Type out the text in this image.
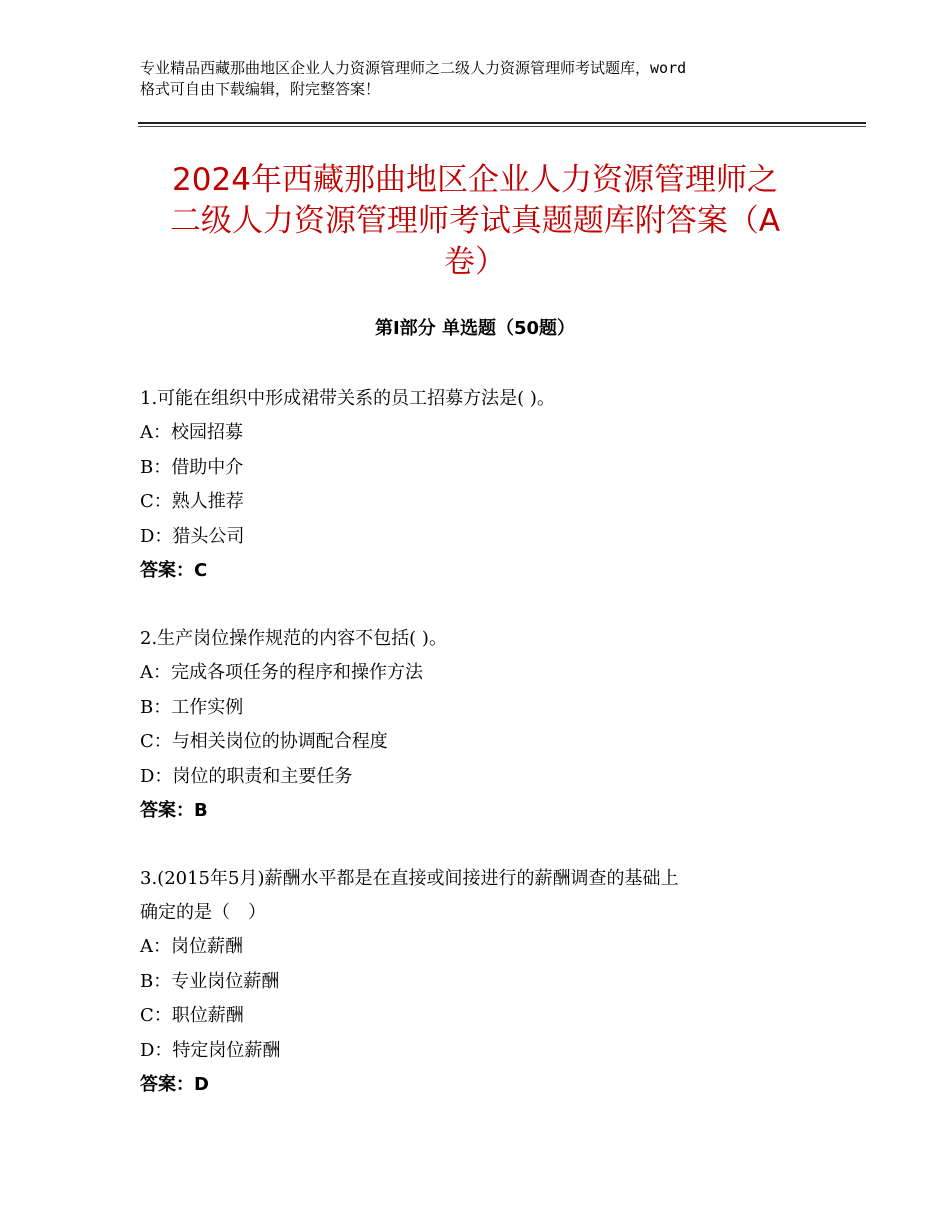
专业精品西藏那曲地区企业人力资源管理师之二级人力资源管理师考试题库，word
格式可自由下载编辑，附完整答案！
2024年西藏那曲地区企业人力资源管理师之
二级人力资源管理师考试真题题库附答案（A
卷）
第Ⅰ部分 单选题（50题）
1.可能在组织中形成裙带关系的员工招募方法是( )。
A：校园招募
B：借助中介
C：熟人推荐
D：猎头公司
答案：C
2.生产岗位操作规范的内容不包括( )。
A：完成各项任务的程序和操作方法
B：工作实例
C：与相关岗位的协调配合程度
D：岗位的职责和主要任务
答案：B
3.(2015年5月)薪酬水平都是在直接或间接进行的薪酬调查的基础上
确定的是（　）
A：岗位薪酬
B：专业岗位薪酬
C：职位薪酬
D：特定岗位薪酬
答案：D
